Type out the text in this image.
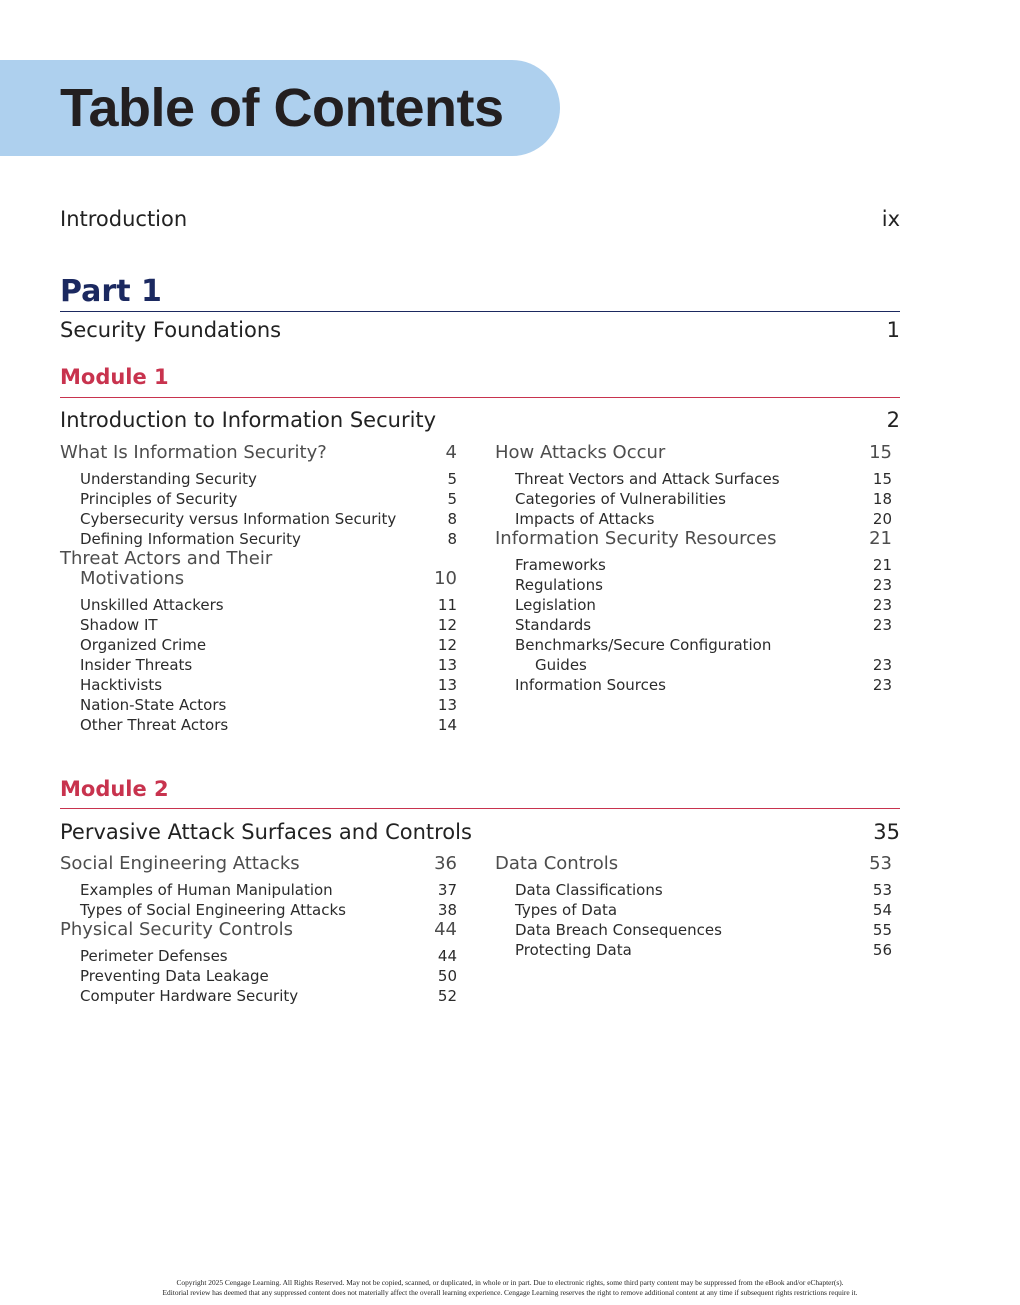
Table of Contents
Introduction	ix
Part 1
Security Foundations	1
Module 1
Introduction to Information Security	2
What Is Information Security?	4
Understanding Security	5
Principles of Security	5
Cybersecurity versus Information Security	8
Defining Information Security	8
Threat Actors and Their
Motivations	10
Unskilled Attackers	11
Shadow IT	12
Organized Crime	12
Insider Threats	13
Hacktivists	13
Nation-State Actors	13
Other Threat Actors	14
How Attacks Occur	15
Threat Vectors and Attack Surfaces	15
Categories of Vulnerabilities	18
Impacts of Attacks	20
Information Security Resources	21
Frameworks	21
Regulations	23
Legislation	23
Standards	23
Benchmarks/Secure Configuration
Guides	23
Information Sources	23
Module 2
Pervasive Attack Surfaces and Controls	35
Social Engineering Attacks	36
Examples of Human Manipulation	37
Types of Social Engineering Attacks	38
Physical Security Controls	44
Perimeter Defenses	44
Preventing Data Leakage	50
Computer Hardware Security	52
Data Controls	53
Data Classifications	53
Types of Data	54
Data Breach Consequences	55
Protecting Data	56
Copyright 2025 Cengage Learning. All Rights Reserved. May not be copied, scanned, or duplicated, in whole or in part. Due to electronic rights, some third party content may be suppressed from the eBook and/or eChapter(s).
Editorial review has deemed that any suppressed content does not materially affect the overall learning experience. Cengage Learning reserves the right to remove additional content at any time if subsequent rights restrictions require it.
